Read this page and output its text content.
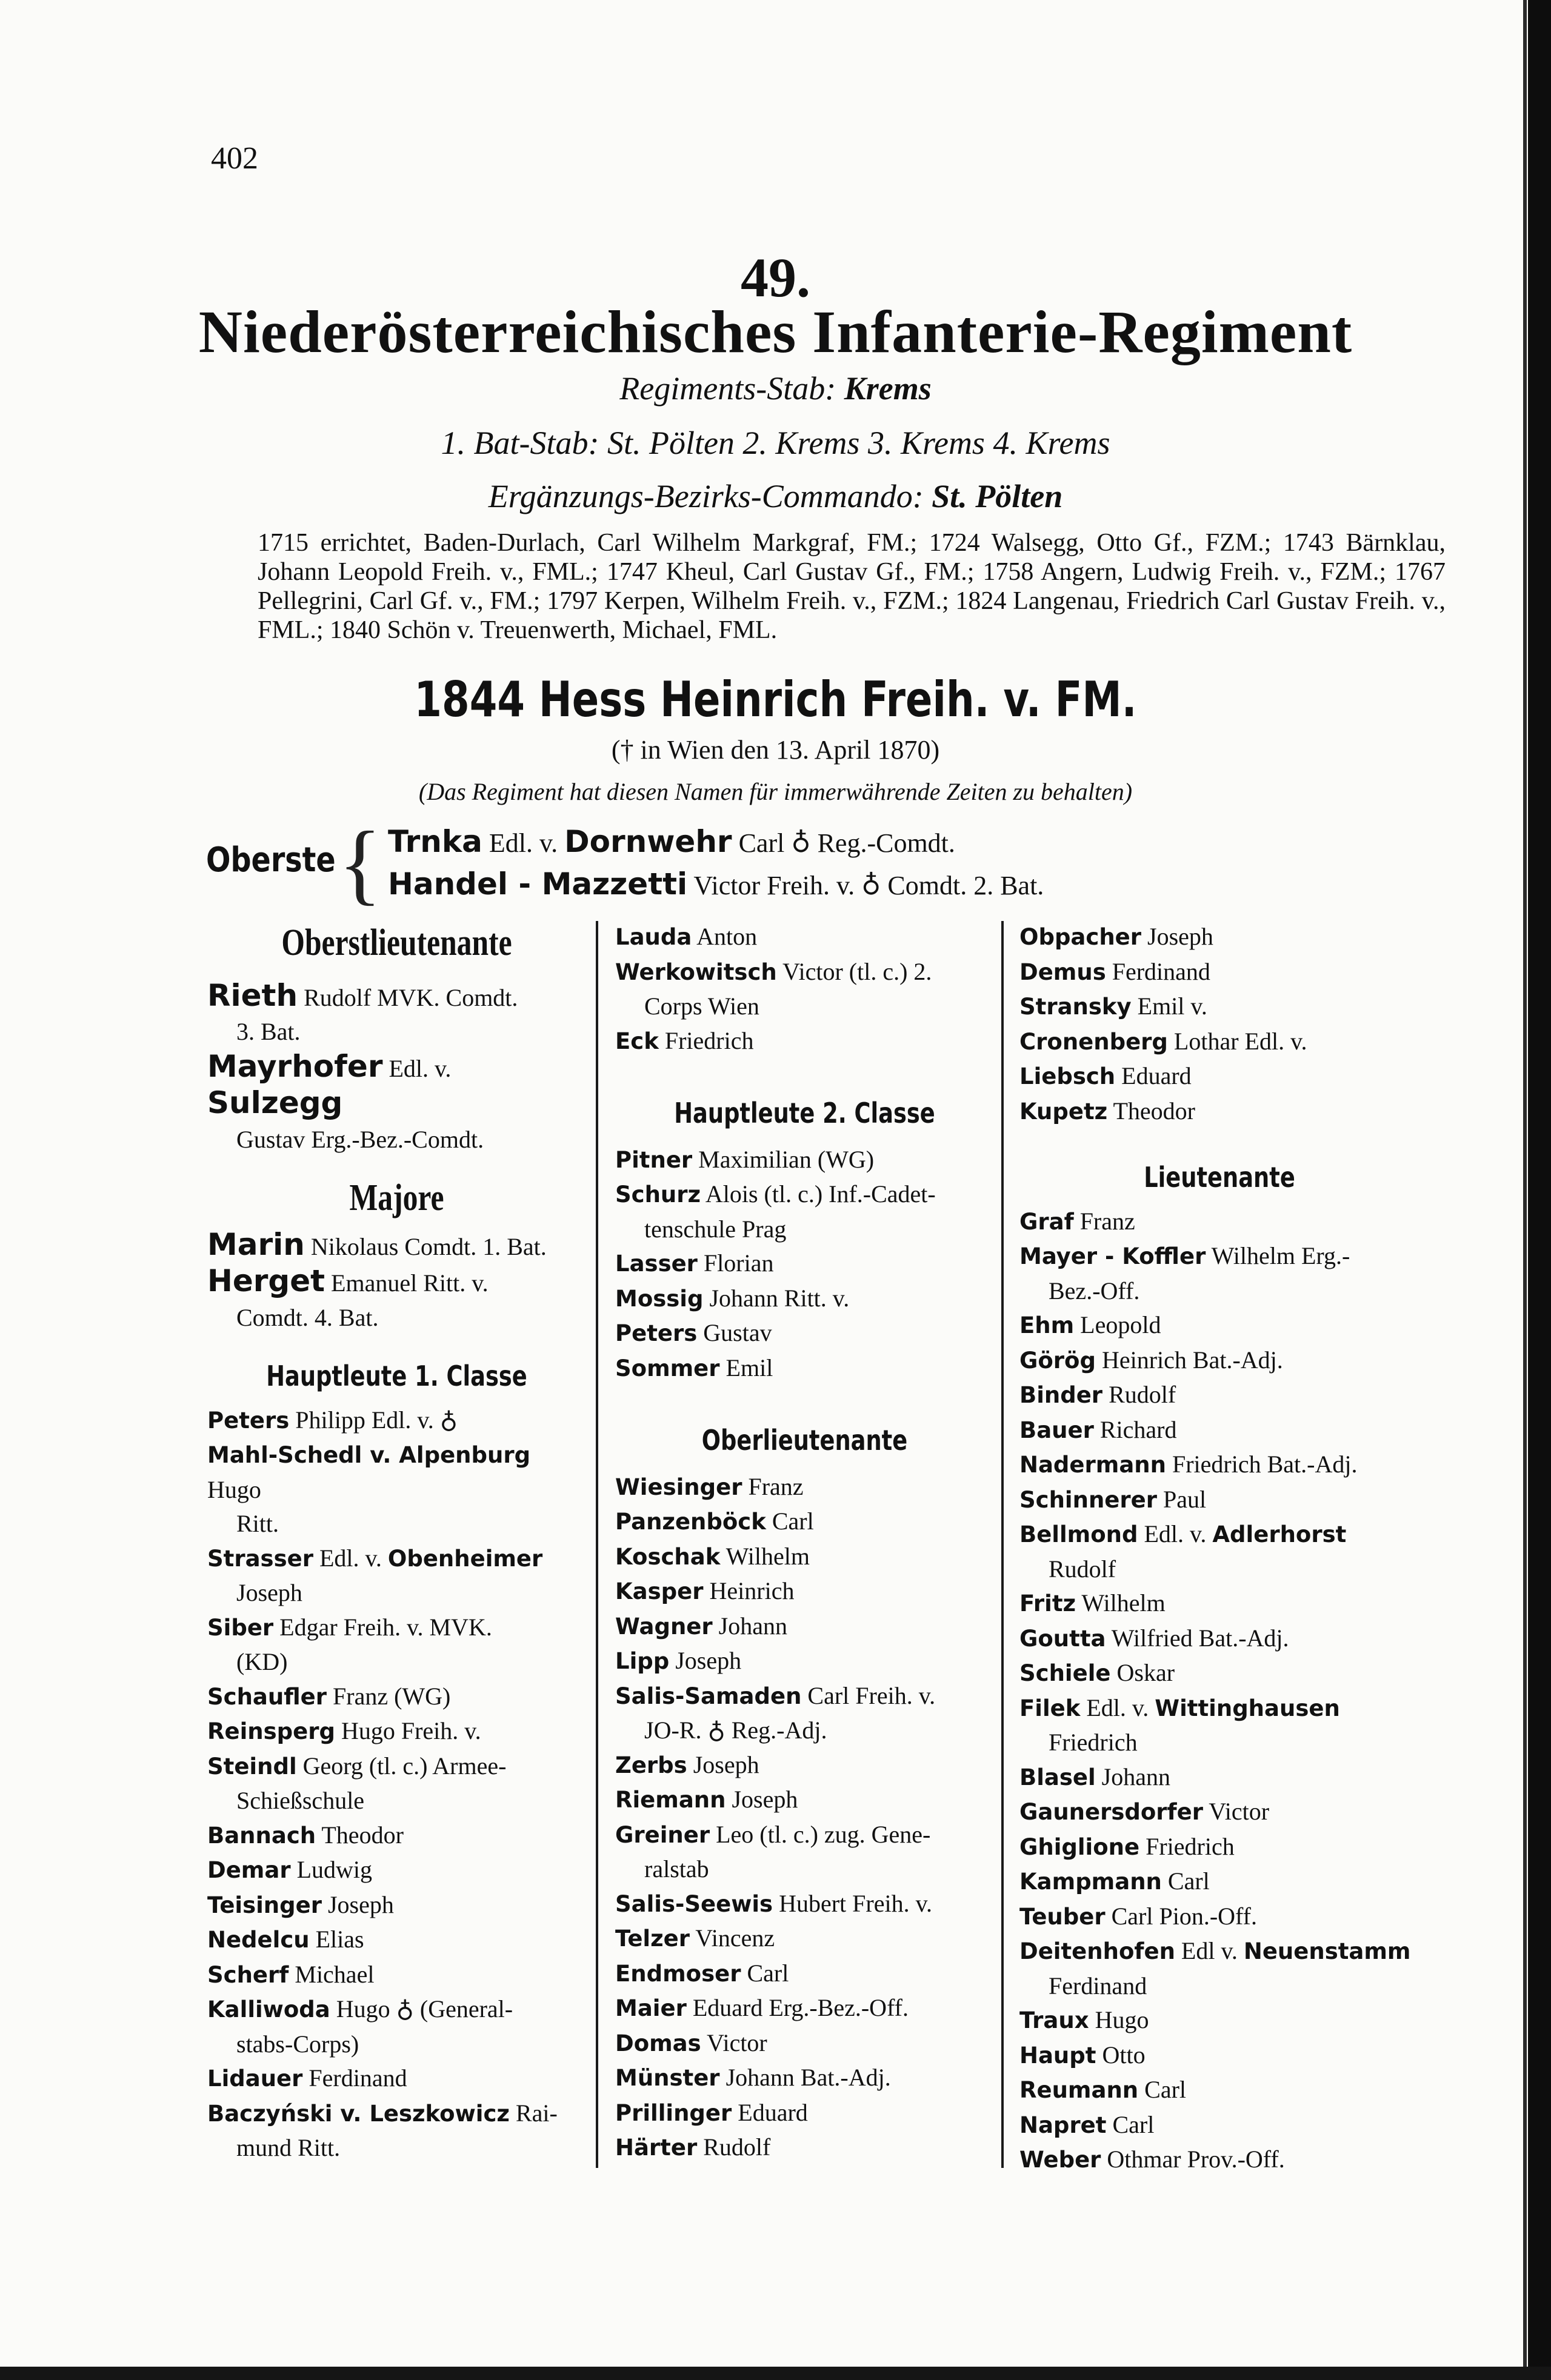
402
49.
Niederösterreichisches Infanterie-Regiment
Regiments-Stab: Krems
1. Bat-Stab: St. Pölten 2. Krems 3. Krems 4. Krems
Ergänzungs-Bezirks-Commando: St. Pölten
1715 errichtet, Baden-Durlach, Carl Wilhelm Markgraf, FM.; 1724 Walsegg, Otto Gf., FZM.; 1743 Bärnklau, Johann Leopold Freih. v., FML.; 1747 Kheul, Carl Gustav Gf., FM.; 1758 Angern, Ludwig Freih. v., FZM.; 1767 Pellegrini, Carl Gf. v., FM.; 1797 Kerpen, Wilhelm Freih. v., FZM.; 1824 Langenau, Friedrich Carl Gustav Freih. v., FML.; 1840 Schön v. Treuenwerth, Michael, FML.
1844 Hess Heinrich Freih. v. FM.
(† in Wien den 13. April 1870)
(Das Regiment hat diesen Namen für immerwährende Zeiten zu behalten)
Oberste { Trnka Edl. v. Dornwehr Carl ♁ Reg.-Comdt.
Handel - Mazzetti Victor Freih. v. ♁ Comdt. 2. Bat.
Oberstlieutenante
Rieth Rudolf MVK. Comdt.
3. Bat.
Mayrhofer Edl. v. Sulzegg
Gustav Erg.-Bez.-Comdt.
Majore
Marin Nikolaus Comdt. 1. Bat.
Herget Emanuel Ritt. v.
Comdt. 4. Bat.
Hauptleute 1. Classe
Peters Philipp Edl. v. ♁
Mahl-Schedl v. Alpenburg Hugo
Ritt.
Strasser Edl. v. Obenheimer
Joseph
Siber Edgar Freih. v. MVK.
(KD)
Schaufler Franz (WG)
Reinsperg Hugo Freih. v.
Steindl Georg (tl. c.) Armee-
Schießschule
Bannach Theodor
Demar Ludwig
Teisinger Joseph
Nedelcu Elias
Scherf Michael
Kalliwoda Hugo ♁ (General-
stabs-Corps)
Lidauer Ferdinand
Baczyński v. Leszkowicz Rai-
mund Ritt.
Lauda Anton
Werkowitsch Victor (tl. c.) 2.
Corps Wien
Eck Friedrich
Hauptleute 2. Classe
Pitner Maximilian (WG)
Schurz Alois (tl. c.) Inf.-Cadet-
tenschule Prag
Lasser Florian
Mossig Johann Ritt. v.
Peters Gustav
Sommer Emil
Oberlieutenante
Wiesinger Franz
Panzenböck Carl
Koschak Wilhelm
Kasper Heinrich
Wagner Johann
Lipp Joseph
Salis-Samaden Carl Freih. v.
JO-R. ♁ Reg.-Adj.
Zerbs Joseph
Riemann Joseph
Greiner Leo (tl. c.) zug. Gene-
ralstab
Salis-Seewis Hubert Freih. v.
Telzer Vincenz
Endmoser Carl
Maier Eduard Erg.-Bez.-Off.
Domas Victor
Münster Johann Bat.-Adj.
Prillinger Eduard
Härter Rudolf
Obpacher Joseph
Demus Ferdinand
Stransky Emil v.
Cronenberg Lothar Edl. v.
Liebsch Eduard
Kupetz Theodor
Lieutenante
Graf Franz
Mayer - Koffler Wilhelm Erg.-
Bez.-Off.
Ehm Leopold
Görög Heinrich Bat.-Adj.
Binder Rudolf
Bauer Richard
Nadermann Friedrich Bat.-Adj.
Schinnerer Paul
Bellmond Edl. v. Adlerhorst
Rudolf
Fritz Wilhelm
Goutta Wilfried Bat.-Adj.
Schiele Oskar
Filek Edl. v. Wittinghausen
Friedrich
Blasel Johann
Gaunersdorfer Victor
Ghiglione Friedrich
Kampmann Carl
Teuber Carl Pion.-Off.
Deitenhofen Edl v. Neuenstamm
Ferdinand
Traux Hugo
Haupt Otto
Reumann Carl
Napret Carl
Weber Othmar Prov.-Off.
